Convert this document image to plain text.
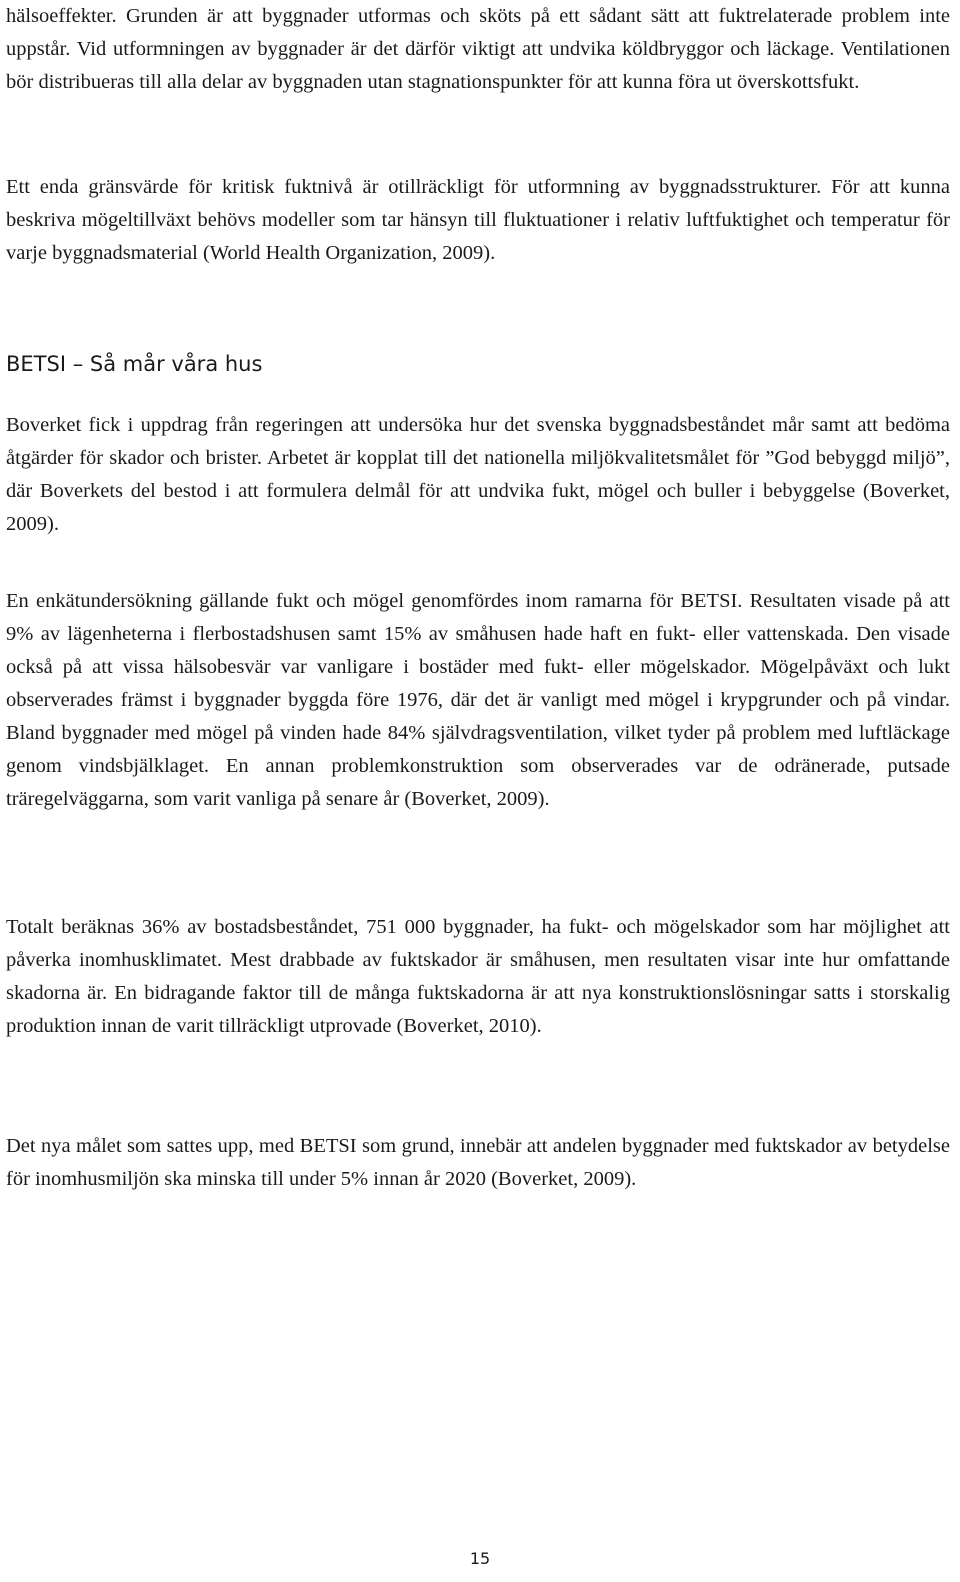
hälsoeffekter. Grunden är att byggnader utformas och sköts på ett sådant sätt att fuktrelaterade problem inte uppstår. Vid utformningen av byggnader är det därför viktigt att undvika köldbryggor och läckage. Ventilationen bör distribueras till alla delar av byggnaden utan stagnationspunkter för att kunna föra ut överskottsfukt.

Ett enda gränsvärde för kritisk fuktnivå är otillräckligt för utformning av byggnadsstrukturer. För att kunna beskriva mögeltillväxt behövs modeller som tar hänsyn till fluktuationer i relativ luftfuktighet och temperatur för varje byggnadsmaterial (World Health Organization, 2009).

BETSI – Så mår våra hus

Boverket fick i uppdrag från regeringen att undersöka hur det svenska byggnadsbeståndet mår samt att bedöma åtgärder för skador och brister. Arbetet är kopplat till det nationella miljökvalitetsmålet för ”God bebyggd miljö”, där Boverkets del bestod i att formulera delmål för att undvika fukt, mögel och buller i bebyggelse (Boverket, 2009).

En enkätundersökning gällande fukt och mögel genomfördes inom ramarna för BETSI. Resultaten visade på att 9% av lägenheterna i flerbostadshusen samt 15% av småhusen hade haft en fukt- eller vattenskada. Den visade också på att vissa hälsobesvär var vanligare i bostäder med fukt- eller mögelskador. Mögelpåväxt och lukt observerades främst i byggnader byggda före 1976, där det är vanligt med mögel i krypgrunder och på vindar. Bland byggnader med mögel på vinden hade 84% självdragsventilation, vilket tyder på problem med luftläckage genom vindsbjälklaget. En annan problemkonstruktion som observerades var de odränerade, putsade träregelväggarna, som varit vanliga på senare år (Boverket, 2009).

Totalt beräknas 36% av bostadsbeståndet, 751 000 byggnader, ha fukt- och mögelskador som har möjlighet att påverka inomhusklimatet. Mest drabbade av fuktskador är småhusen, men resultaten visar inte hur omfattande skadorna är. En bidragande faktor till de många fuktskadorna är att nya konstruktionslösningar satts i storskalig produktion innan de varit tillräckligt utprovade (Boverket, 2010).

Det nya målet som sattes upp, med BETSI som grund, innebär att andelen byggnader med fuktskador av betydelse för inomhusmiljön ska minska till under 5% innan år 2020 (Boverket, 2009).

15
